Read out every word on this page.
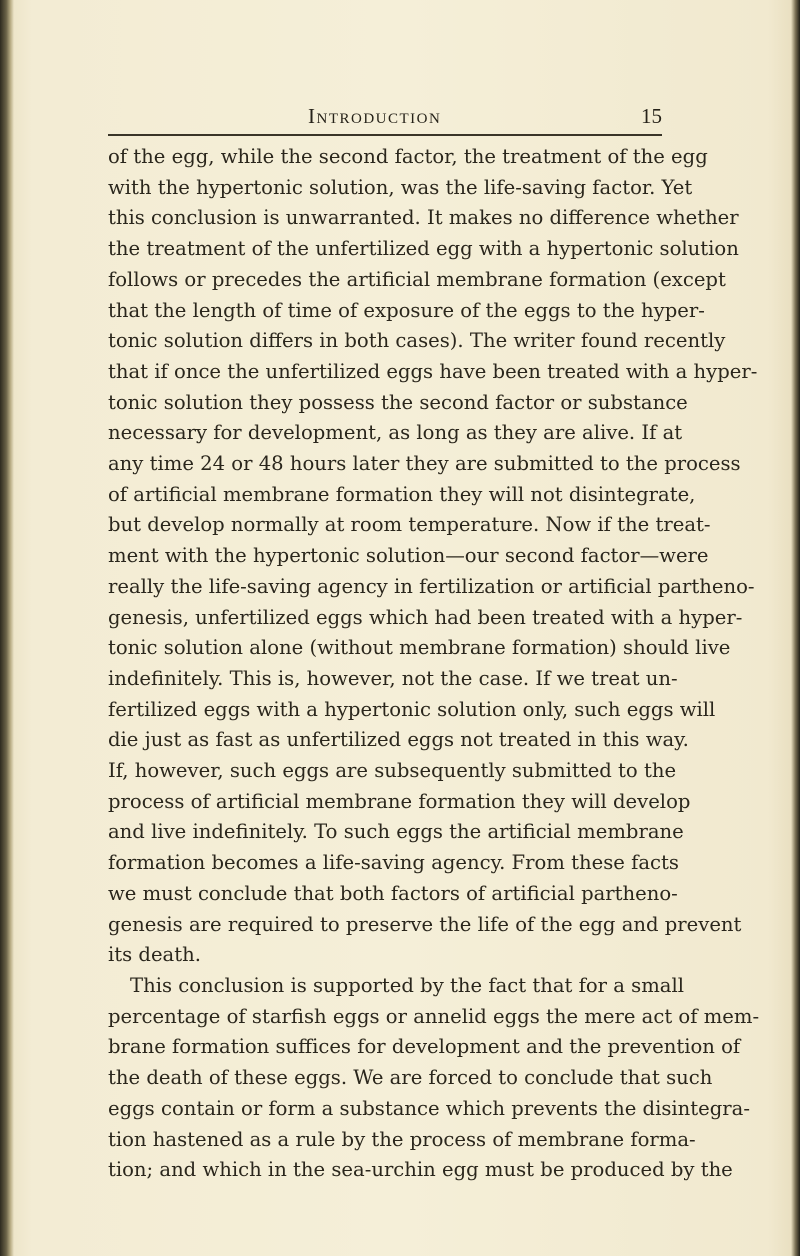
Introduction	15
of the egg, while the second factor, the treatment of the egg
with the hypertonic solution, was the life-saving factor. Yet
this conclusion is unwarranted. It makes no difference whether
the treatment of the unfertilized egg with a hypertonic solution
follows or precedes the artificial membrane formation (except
that the length of time of exposure of the eggs to the hyper-
tonic solution differs in both cases). The writer found recently
that if once the unfertilized eggs have been treated with a hyper-
tonic solution they possess the second factor or substance
necessary for development, as long as they are alive. If at
any time 24 or 48 hours later they are submitted to the process
of artificial membrane formation they will not disintegrate,
but develop normally at room temperature. Now if the treat-
ment with the hypertonic solution—our second factor—were
really the life-saving agency in fertilization or artificial partheno-
genesis, unfertilized eggs which had been treated with a hyper-
tonic solution alone (without membrane formation) should live
indefinitely. This is, however, not the case. If we treat un-
fertilized eggs with a hypertonic solution only, such eggs will
die just as fast as unfertilized eggs not treated in this way.
If, however, such eggs are subsequently submitted to the
process of artificial membrane formation they will develop
and live indefinitely. To such eggs the artificial membrane
formation becomes a life-saving agency. From these facts
we must conclude that both factors of artificial partheno-
genesis are required to preserve the life of the egg and prevent
its death.
This conclusion is supported by the fact that for a small
percentage of starfish eggs or annelid eggs the mere act of mem-
brane formation suffices for development and the prevention of
the death of these eggs. We are forced to conclude that such
eggs contain or form a substance which prevents the disintegra-
tion hastened as a rule by the process of membrane forma-
tion; and which in the sea-urchin egg must be produced by the
